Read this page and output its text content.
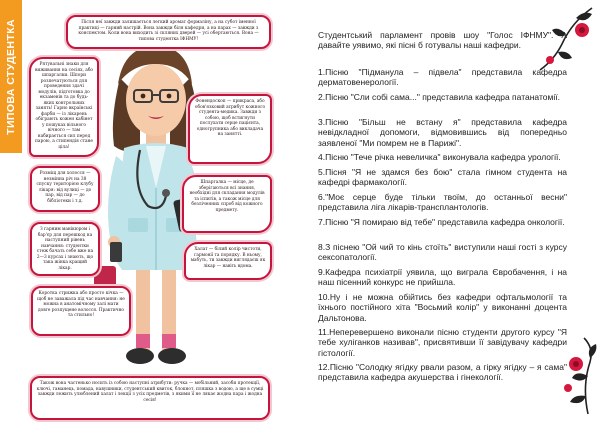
ТИПОВА СТУДЕНТКА	Після неї завжди залишається легкий аромат формаліну, а на субот іменної практиці — гарний настрій. Вона завжди біля кафедри, а на парах — завжди з конспектом. Коли вона виходить зі скляних дверей — усі обертаються. Вона — типова студентка ІФНМУ!
Рятувальні знаки для виживання на сесіях, або шпаргалки. Шпори розпечатуються для проведення здачі модулів, підготовка до екзаменів та до будь-яких контрольних занять! Гарно вкраїнські фарби — із лікарень обіграють кожен кабінет у пошуках вільного вічного — там набирається сил перед парою, а стипендія стане ціла!
Фонендоскоп — прикраса, або обов'язковий атрибут кожного студента-медика. Завжди з собою, щоб встигнути послухати серце пацієнта, одногрупника або викладача на занятті.
Розміщ для холосся — незмінна річ на 38 спуску територією клубу лікаря: від вулиці — до пар, від пар — до бібліотеки і т.д.
Шпаргалка — місце, де зберігаються всі знання, необхідні для складання модулів та іспитів, а також місце для безліченних спроб від кожного предмету.
З гарним манікюром і бар'єр для перешкод на наступний рівень навчання: студентки стеж бачать себе вже на 2—3 курсах і знають, що така жінка кращий лікар.
Халат — білий колір чистоти, гармонії та порядку. В ньому, мабуть, ти завжди виглядаєш як лікар — навіть вдома.
Коротка стрижка або просто кічка — щоб не заважала під час навчання: не можна в анатомічному залі мати довге розпущене волосся. Практично та стильно!
Також вона частенько носить із собою наступні атрибути: ручка — мобільний, засоби протекції, ключі, гаманець, помада, навушники, студентський квиток, блокнот, пляшка з водою, а ще в сумці завжди лежить улюблений халат і лекції з усіх предметів, з якими її не лякає жодна пара і жодна сесія!

Студентський парламент провів шоу "Голос ІФНМУ". А давайте уявимо, які пісні б готувалы наші кафедри.

1.Пісню "Підманула – підвела" представила кафедра дерматовенерології.

2.Пісню "Сли собі сама..." представила кафедра патанатомії.

3.Пісню "Більш не встану я" представила кафедра невідкладної допомоги, відмовившись від попередньо заявленої "Ми помрем не в Парижі".

4.Пісню "Тече річка невеличка" виконувала кафедра урології.

5.Пісня "Я не здамся без бою" стала гімном студента на кафедрі фармакології.

6."Моє серце буде тільки твоїм, до останньої весни" представила ліга лікарів-трансплантологів.

7.Пісню "Я помираю від тебе" представила кафедра онкології.

8.З піснею "Ой чий то кінь стоїть" виступили наші гості з курсу сексопатології.

9.Кафедра психіатрії уявила, що виграла Євробачення, і на наш пісенний конкурс не прийшла.

10.Ну і не можна обійтись без кафедри офтальмології та їхнього постійного хіта "Восьмий колір" у виконанні доцента Дальтонова.

11.Неперевершено виконали пісню студенти другого курсу "Я тебе хуліганков називав", присвятивши її завідувачу кафедри гістології.

12.Пісню "Солодку ягідку рвали разом, а гірку ягідку – я сама" представила кафедра акушерства і гінекології.
